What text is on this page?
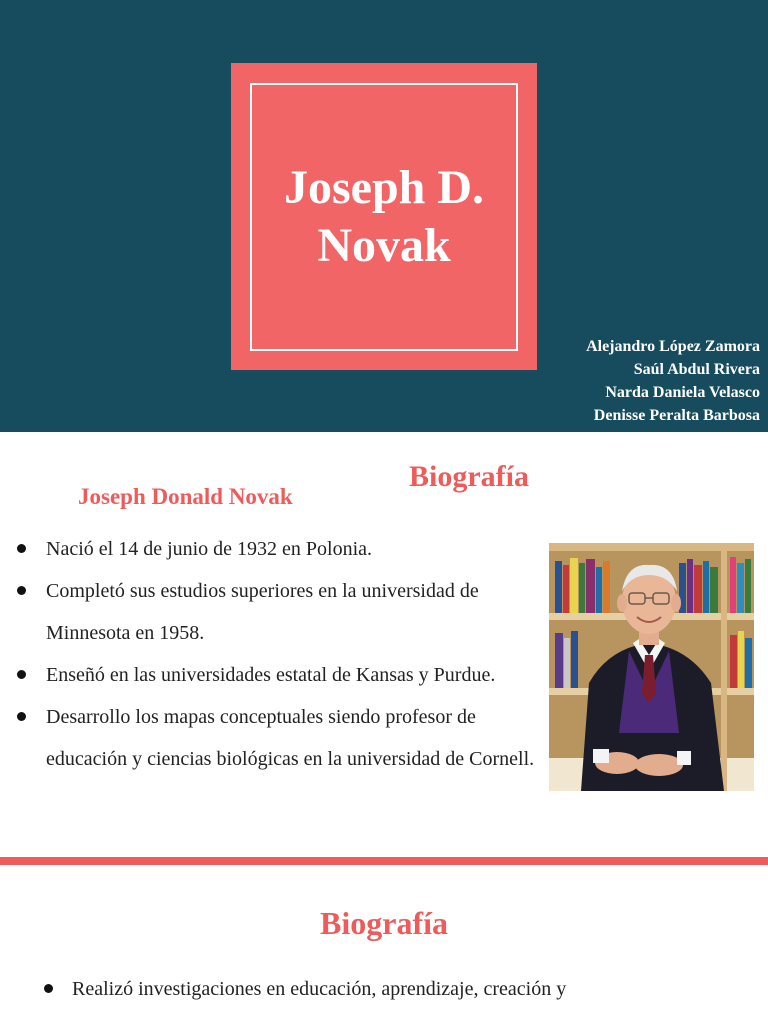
Joseph D. Novak
Alejandro López Zamora
Saúl Abdul Rivera
Narda Daniela Velasco
Denisse Peralta Barbosa
Biografía
Joseph Donald Novak
Nació el 14 de junio de 1932 en Polonia.
Completó sus estudios superiores en la universidad de Minnesota en 1958.
Enseñó en las universidades estatal de Kansas y Purdue.
Desarrollo los mapas conceptuales siendo profesor de educación y ciencias biológicas en la universidad de Cornell.
Biografía
Realizó investigaciones en educación, aprendizaje, creación y
